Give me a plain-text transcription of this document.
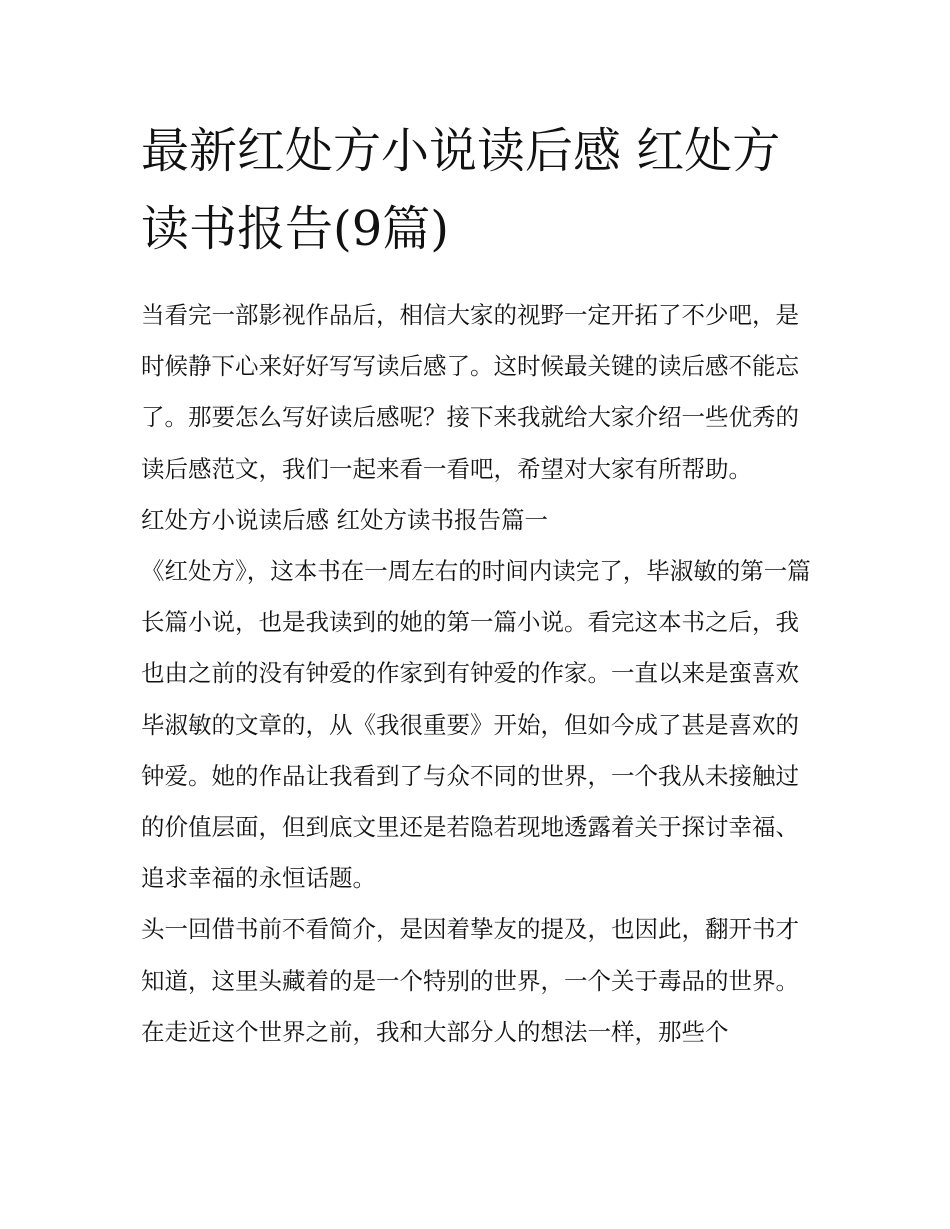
最新红处方小说读后感 红处方读书报告(9篇)

当看完一部影视作品后，相信大家的视野一定开拓了不少吧，是时候静下心来好好写写读后感了。这时候最关键的读后感不能忘了。那要怎么写好读后感呢？接下来我就给大家介绍一些优秀的读后感范文，我们一起来看一看吧，希望对大家有所帮助。

红处方小说读后感 红处方读书报告篇一

《红处方》，这本书在一周左右的时间内读完了，毕淑敏的第一篇长篇小说，也是我读到的她的第一篇小说。看完这本书之后，我也由之前的没有钟爱的作家到有钟爱的作家。一直以来是蛮喜欢毕淑敏的文章的，从《我很重要》开始，但如今成了甚是喜欢的钟爱。她的作品让我看到了与众不同的世界，一个我从未接触过的价值层面，但到底文里还是若隐若现地透露着关于探讨幸福、追求幸福的永恒话题。

头一回借书前不看简介，是因着挚友的提及，也因此，翻开书才知道，这里头藏着的是一个特别的世界，一个关于毒品的世界。在走近这个世界之前，我和大部分人的想法一样，那些个
